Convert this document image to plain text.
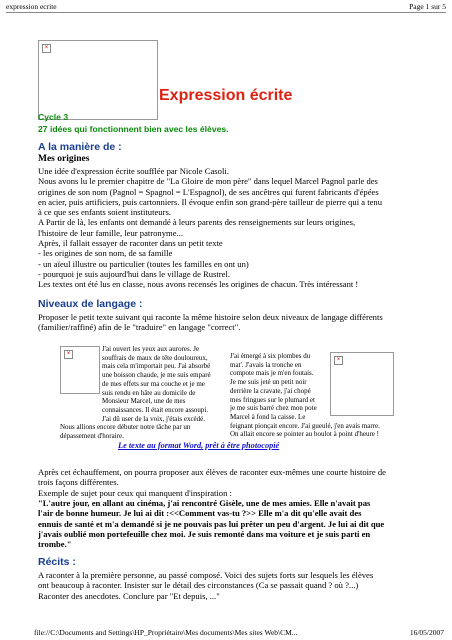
expression ecrite	Page 1 sur 5
×
Expression écrite
Cycle 3
27 idées qui fonctionnent bien avec les élèves.
A la manière de :
Mes origines

Une idée d'expression écrite soufflée par Nicole Casoli.

Nous avons lu le premier chapitre de "La Gloire de mon père" dans lequel Marcel Pagnol parle des

origines de son nom (Pagnol = Spagnol = L'Espagnol), de ses ancêtres qui furent fabricants d'épées

en acier, puis artificiers, puis cartonniers. Il évoque enfin son grand-père tailleur de pierre qui a tenu

à ce que ses enfants soient instituteurs.

A Partir de là, les enfants ont demandé à leurs parents des renseignements sur leurs origines,

l'histoire de leur famille, leur patronyme...

Après, il fallait essayer de raconter dans un petit texte

- les origines de son nom, de sa famille

- un aïeul illustre ou particulier (toutes les familles en ont un)

- pourquoi je suis aujourd'hui dans le village de Rustrel.

Les textes ont été lus en classe, nous avons recensés les origines de chacun. Très intéressant !

Niveaux de langage :

Proposer le petit texte suivant qui raconte la même histoire selon deux niveaux de langage différents

(familier/raffiné) afin de le "traduire" en langage "correct".

×

J'ai ouvert les yeux aux aurores. Je

souffrais de maux de tête douloureux,

mais cela m'importait peu. J'ai absorbé

une boisson chaude, je me suis emparé

de mes effets sur ma couche et je me

suis rendu en hâte au domicile de

Monsieur Marcel, une de mes

connaissances. Il était encore assoupi.

J'ai dû user de la voix, j'étais excédé.

Nous allions encore débuter notre tâche par un

dépassement d'horaire.

J'ai émergé à six plombes du

mat'. J'avais la tronche en

compote mais je m'en foutais.

Je me suis jeté un petit noir

derrière la cravate, j'ai chopé

mes fringues sur le plumard et

je me suis barré chez mon pote

Marcel à fond la caisse. Le

feignant pionçait encore. J'ai gueulé, j'en avais marre.

On allait encore se pointer au boulot à point d'heure !

×
Le texte au format Word, prêt à être photocopié

Après cet échauffement, on pourra proposer aux élèves de raconter eux-mêmes une courte histoire de

trois façons différentes.

Exemple de sujet pour ceux qui manquent d'inspiration :

"L'autre jour, en allant au cinéma, j'ai rencontré Gisèle, une de mes amies. Elle n'avait pas

l'air de bonne humeur. Je lui ai dit :<<Comment vas-tu ?>> Elle m'a dit qu'elle avait des

ennuis de santé et m'a demandé si je ne pouvais pas lui prêter un peu d'argent. Je lui ai dit que

j'avais oublié mon portefeuille chez moi. Je suis remonté dans ma voiture et je suis parti en

trombe."

Récits :

A raconter à la première personne, au passé composé. Voici des sujets forts sur lesquels les élèves

ont beaucoup à raconter. Insister sur le détail des circonstances (Ca se passait quand ? où ?...)

Raconter des anecdotes. Conclure par "Et depuis, ..."

file://C:\Documents and Settings\HP_Propriétaire\Mes documents\Mes sites Web\CM...	16/05/2007
